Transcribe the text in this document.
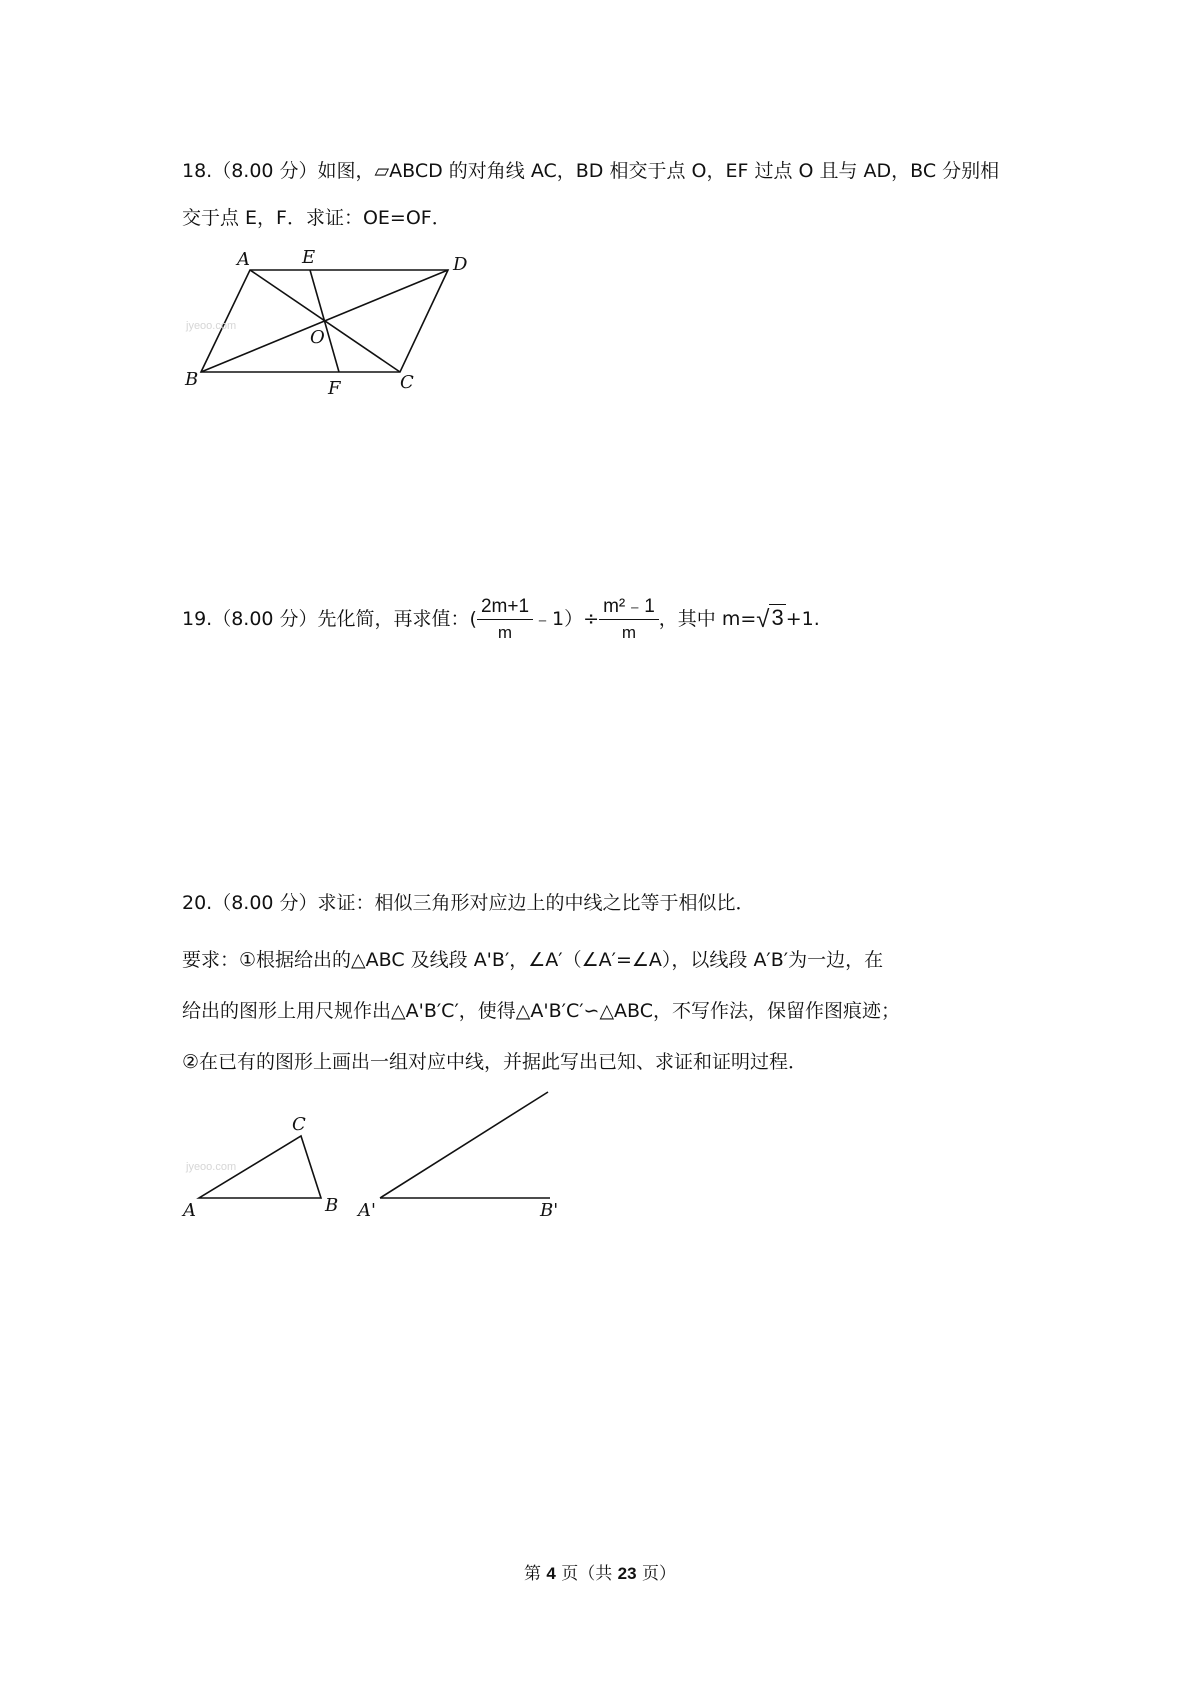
18.（8.00 分）如图，▱ABCD 的对角线 AC，BD 相交于点 O，EF 过点 O 且与 AD，BC 分别相
交于点 E，F．求证：OE=OF．
A	E	D
O
B	F	C
jyeoo.com
19.（8.00 分）先化简，再求值：( $\frac{2m+1}{m}$ ﹣1）÷ $\frac{\text{m²﹣1}}{m}$ ，其中 m=√3 +1.
20.（8.00 分）求证：相似三角形对应边上的中线之比等于相似比．
要求：①根据给出的△ABC 及线段 A'B′，∠A′（∠A′=∠A），以线段 A′B′为一边，在
给出的图形上用尺规作出△A'B′C′，使得△A'B′C′∽△ABC，不写作法，保留作图痕迹；
②在已有的图形上画出一组对应中线，并据此写出已知、求证和证明过程．
C
A	B A'	B'
jyeoo.com
第 4 页（共 23 页）
